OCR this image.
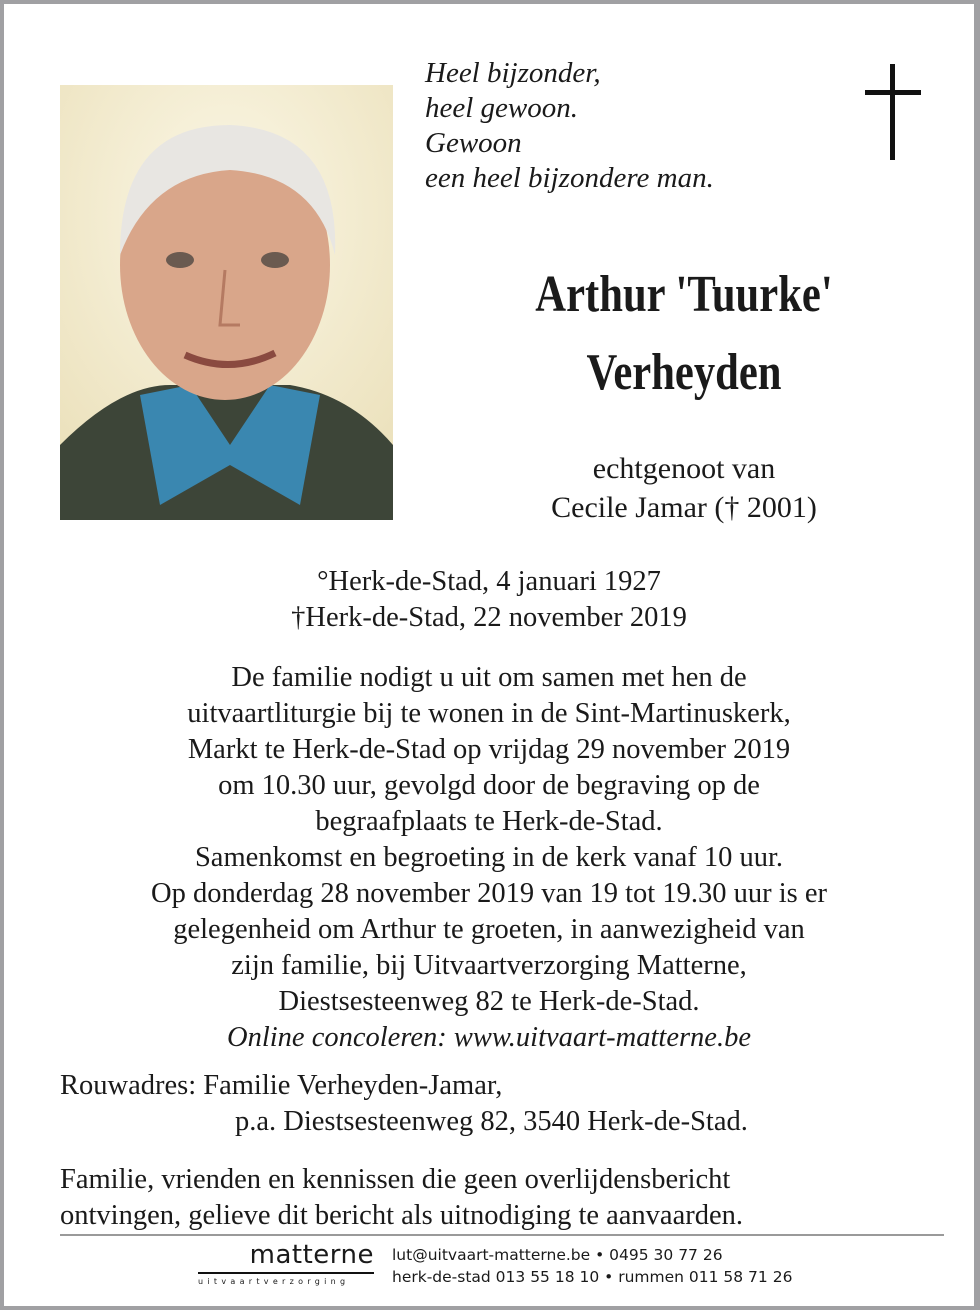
Heel bijzonder,
heel gewoon.
Gewoon
een heel bijzondere man.
Arthur 'Tuurke'
Verheyden
echtgenoot van
Cecile Jamar († 2001)
°Herk-de-Stad, 4 januari 1927
†Herk-de-Stad, 22 november 2019
De familie nodigt u uit om samen met hen de
uitvaartliturgie bij te wonen in de Sint-Martinuskerk,
Markt te Herk-de-Stad op vrijdag 29 november 2019
om 10.30 uur, gevolgd door de begraving op de
begraafplaats te Herk-de-Stad.
Samenkomst en begroeting in de kerk vanaf 10 uur.
Op donderdag 28 november 2019 van 19 tot 19.30 uur is er
gelegenheid om Arthur te groeten, in aanwezigheid van
zijn familie, bij Uitvaartverzorging Matterne,
Diestsesteenweg 82 te Herk-de-Stad.
Online concoleren: www.uitvaart-matterne.be
Rouwadres: Familie Verheyden-Jamar,
p.a. Diestsesteenweg 82, 3540 Herk-de-Stad.
Familie, vrienden en kennissen die geen overlijdensbericht
ontvingen, gelieve dit bericht als uitnodiging te aanvaarden.
matterne
uitvaartverzorging
lut@uitvaart-matterne.be • 0495 30 77 26
herk-de-stad 013 55 18 10 • rummen 011 58 71 26
